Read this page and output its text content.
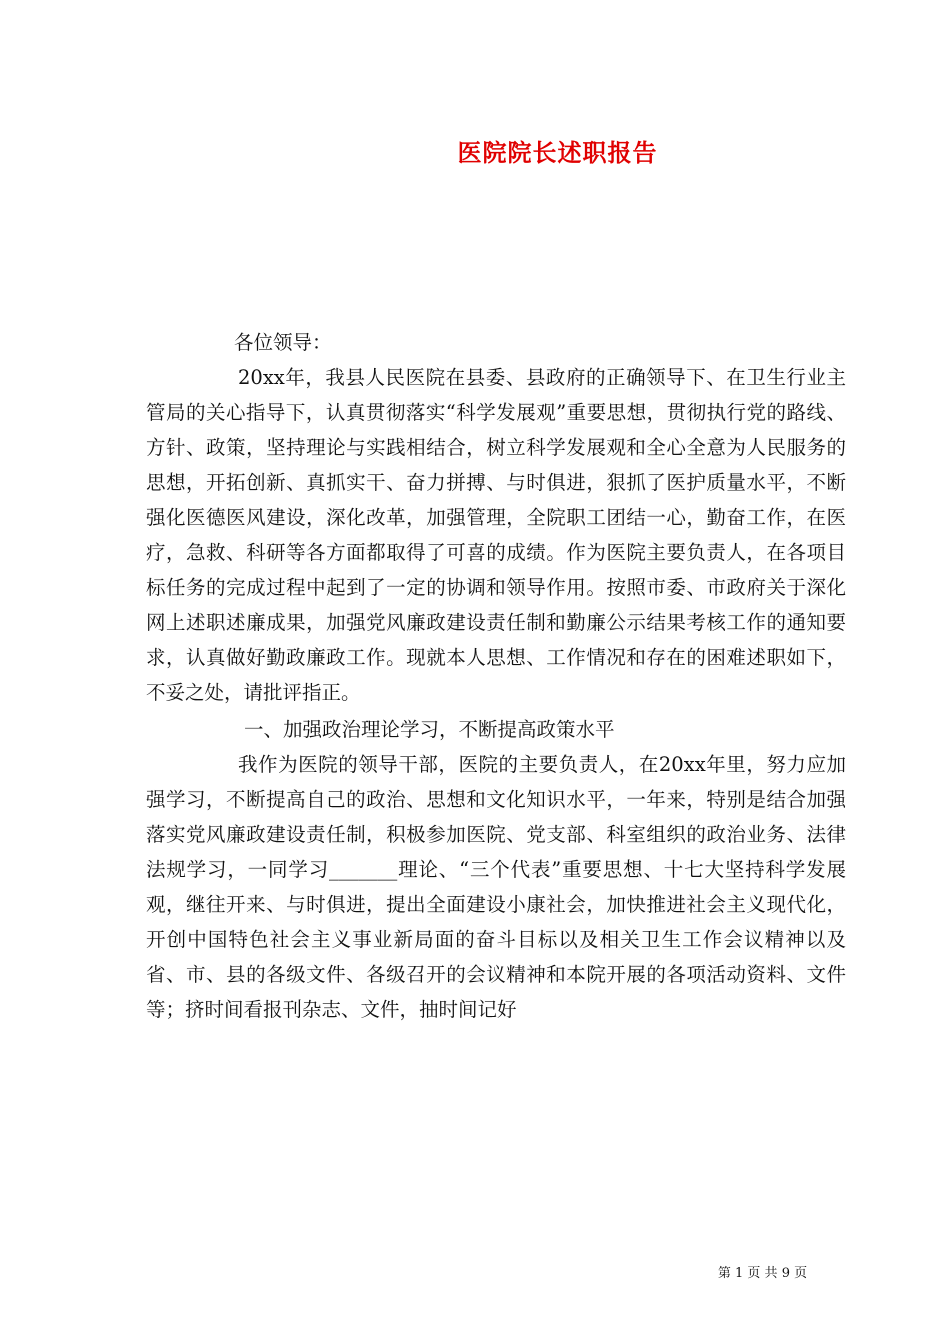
医院院长述职报告

各位领导：

20xx年，我县人民医院在县委、县政府的正确领导下、在卫生行业主管局的关心指导下，认真贯彻落实“科学发展观”重要思想，贯彻执行党的路线、方针、政策，坚持理论与实践相结合，树立科学发展观和全心全意为人民服务的思想，开拓创新、真抓实干、奋力拼搏、与时俱进，狠抓了医护质量水平，不断强化医德医风建设，深化改革，加强管理，全院职工团结一心，勤奋工作，在医疗，急救、科研等各方面都取得了可喜的成绩。作为医院主要负责人，在各项目标任务的完成过程中起到了一定的协调和领导作用。按照市委、市政府关于深化网上述职述廉成果，加强党风廉政建设责任制和勤廉公示结果考核工作的通知要求，认真做好勤政廉政工作。现就本人思想、工作情况和存在的困难述职如下，不妥之处，请批评指正。

一、加强政治理论学习，不断提高政策水平

我作为医院的领导干部，医院的主要负责人，在20xx年里，努力应加强学习，不断提高自己的政治、思想和文化知识水平，一年来，特别是结合加强落实党风廉政建设责任制，积极参加医院、党支部、科室组织的政治业务、法律法规学习，一同学习_______理论、“三个代表”重要思想、十七大坚持科学发展观，继往开来、与时俱进，提出全面建设小康社会，加快推进社会主义现代化，开创中国特色社会主义事业新局面的奋斗目标以及相关卫生工作会议精神以及省、市、县的各级文件、各级召开的会议精神和本院开展的各项活动资料、文件等；挤时间看报刊杂志、文件，抽时间记好

第 1 页 共 9 页
